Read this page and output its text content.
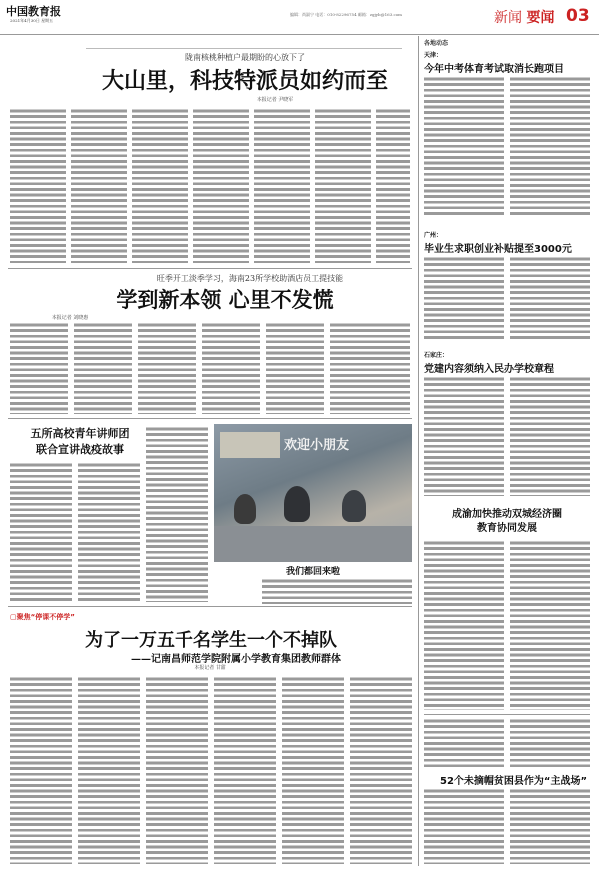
中国教育报
2021年4月30日 星期五
编辑：尚淑宁 电话：010-82296754 邮箱：zgjyb@163.com	新闻 要闻 03
陇南核桃种植户最期盼的心放下了
大山里，科技特派员如约而至
本报记者 尹晓军
旺季开工淡季学习，海南23所学校助酒店员工提技能
学到新本领 心里不发慌
本报记者 刘晓惠
五所高校青年讲师团
联合宣讲战疫故事	欢迎小朋友
我们都回来啦
▢聚焦“停课不停学”
为了一万五千名学生一个不掉队
——记南昌师范学院附属小学教育集团教师群体
本报记者 甘甜
各地动态
天津：
今年中考体育考试取消长跑项目
广州：
毕业生求职创业补贴提至3000元
石家庄：
党建内容须纳入民办学校章程
成渝加快推动双城经济圈
教育协同发展
52个未摘帽贫困县作为“主战场”
